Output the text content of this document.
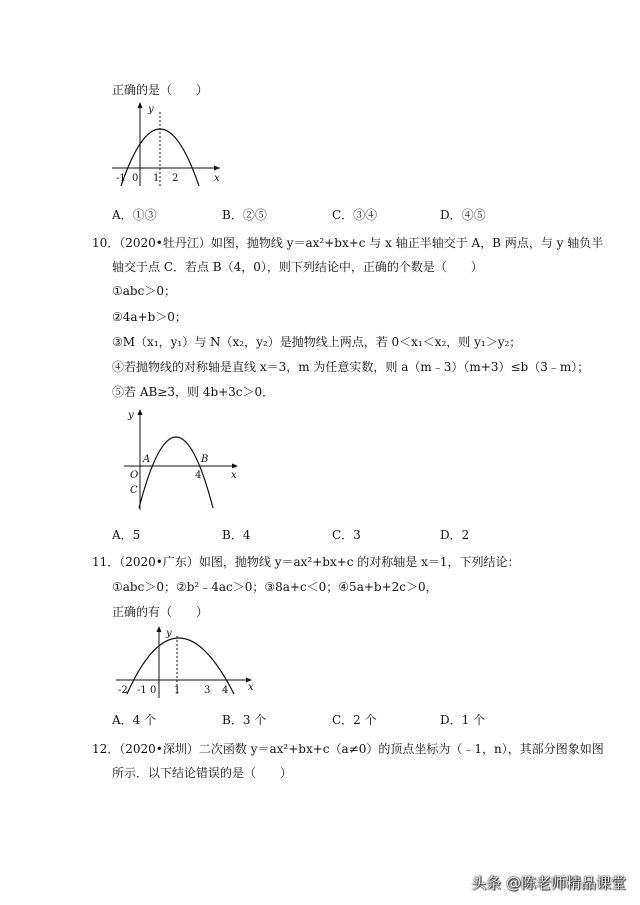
正确的是（　　）
y
x
-1 0 1 2
A．①③	B．②⑤	C．③④	D．④⑤
10．（2020•牡丹江）如图，抛物线 y＝ax²+bx+c 与 x 轴正半轴交于 A，B 两点，与 y 轴负半
轴交于点 C．若点 B（4，0），则下列结论中，正确的个数是（　　）
①abc＞0；
②4a+b＞0；
③M（x₁，y₁）与 N（x₂，y₂）是抛物线上两点，若 0＜x₁＜x₂，则 y₁＞y₂；
④若抛物线的对称轴是直线 x＝3，m 为任意实数，则 a（m﹣3）（m+3）≤b（3﹣m）；
⑤若 AB≥3，则 4b+3c＞0．
y
x
A	B
O
C
4
A．5	B．4	C．3	D．2
11．（2020•广东）如图，抛物线 y＝ax²+bx+c 的对称轴是 x＝1，下列结论：
①abc＞0；②b²﹣4ac＞0；③8a+c＜0；④5a+b+2c＞0，
正确的有（　　）
y
x
-2 -1 0 1 3 4
A．4 个	B．3 个	C．2 个	D．1 个
12．（2020•深圳）二次函数 y＝ax²+bx+c（a≠0）的顶点坐标为（﹣1，n），其部分图象如图
所示．以下结论错误的是（　　）
头条 @陈老师精品课堂
